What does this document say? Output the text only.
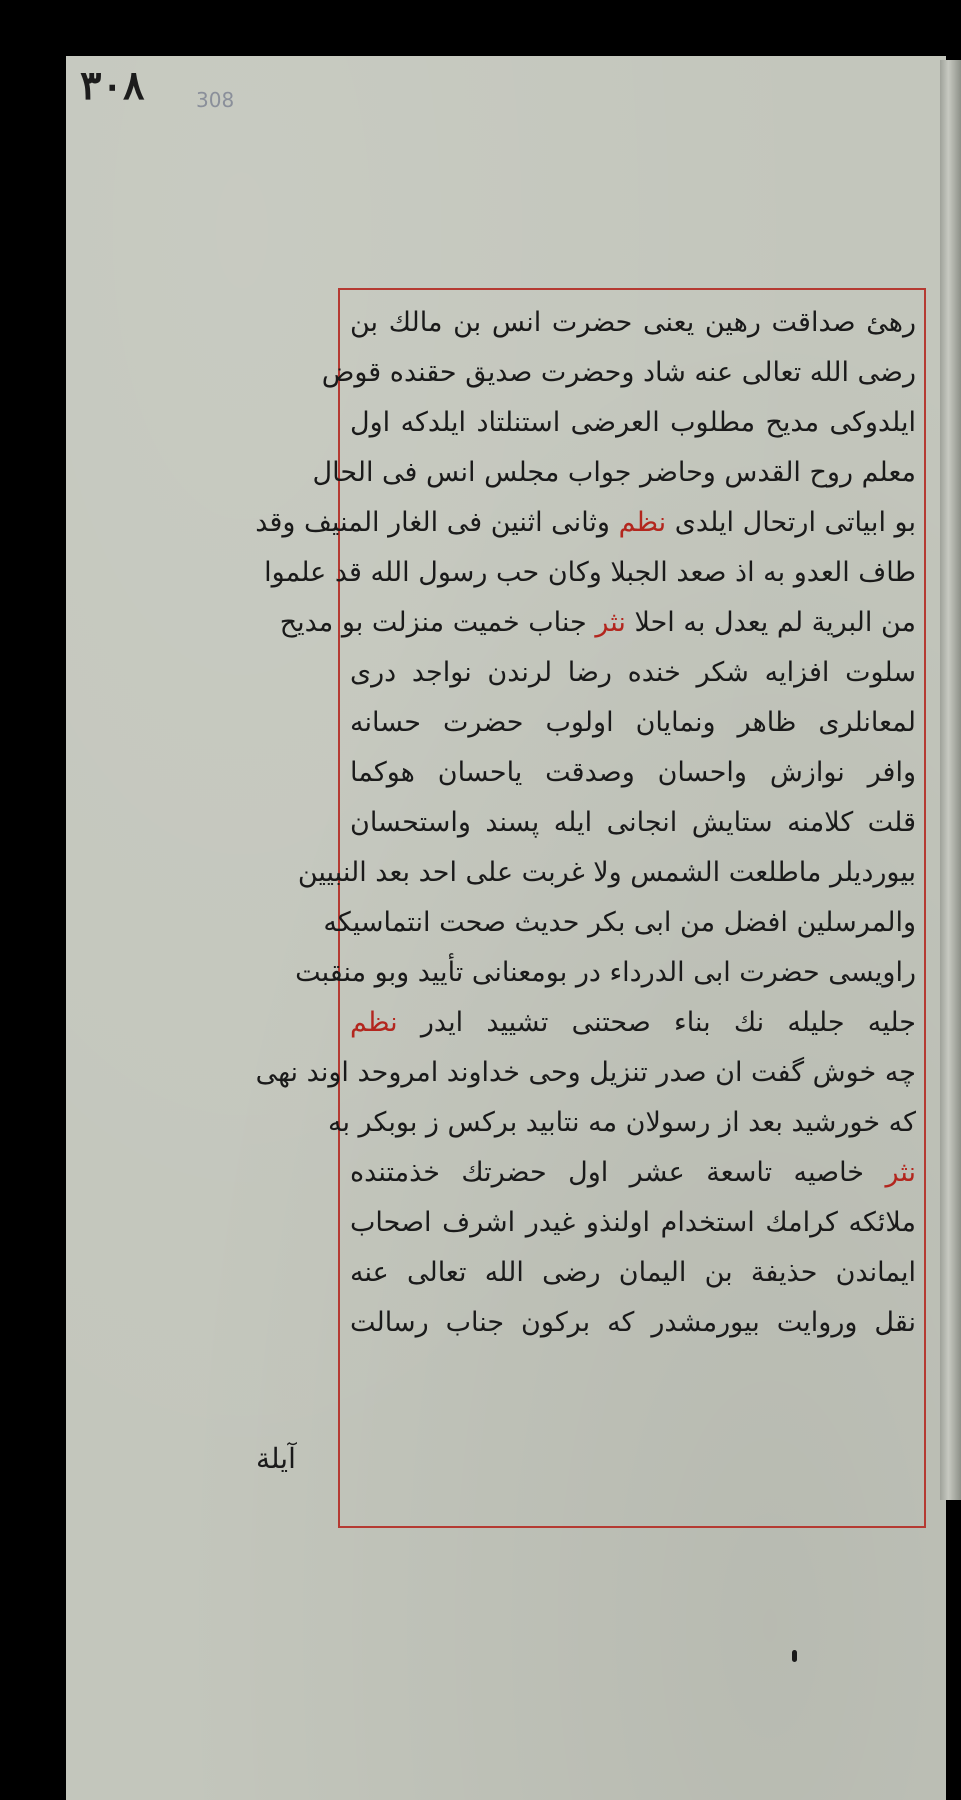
٣٠٨	308
رهئ صداقت رهین یعنی حضرت انس بن مالك بن
رضی الله تعالی عنه شاد وحضرت صدیق حقنده قوض
ایلدوکی مدیح مطلوب العرضی استنلتاد ایلدکه اول
معلم روح القدس وحاضر جواب مجلس انس فی الحال
بو ابیاتی ارتحال ایلدی نظم وثانی اثنین فی الغار المنیف وقد
طاف العدو به اذ صعد الجبلا وکان حب رسول الله قد علموا
من البریة لم یعدل به احلا نثر جناب خمیت منزلت بو مدیح
سلوت افزایه شکر خنده رضا لرندن نواجد دری
لمعانلری ظاهر ونمایان اولوب حضرت حسانه
وافر نوازش واحسان وصدقت یاحسان هوکما
قلت کلامنه ستایش انجانی ایله پسند واستحسان
بیوردیلر ماطلعت الشمس ولا غربت علی احد بعد النبیین
والمرسلین افضل من ابی بکر حدیث صحت انتماسیکه
راویسی حضرت ابی الدرداء در بومعنانی تأیید وبو منقبت
جلیه جلیله نك بناء صحتنی تشیید ایدر نظم
چه خوش گفت ان صدر تنزیل وحی خداوند امروحد اوند نهی
که خورشید بعد از رسولان مه نتابید برکس ز بوبکر به
نثر خاصیه تاسعة عشر اول حضرتك خذمتنده
ملائکه کرامك استخدام اولنذو غیدر اشرف اصحاب
ایماندن حذیفة بن الیمان رضی الله تعالی عنه
نقل وروایت بیورمشدر که برکون جناب رسالت
آیلة
